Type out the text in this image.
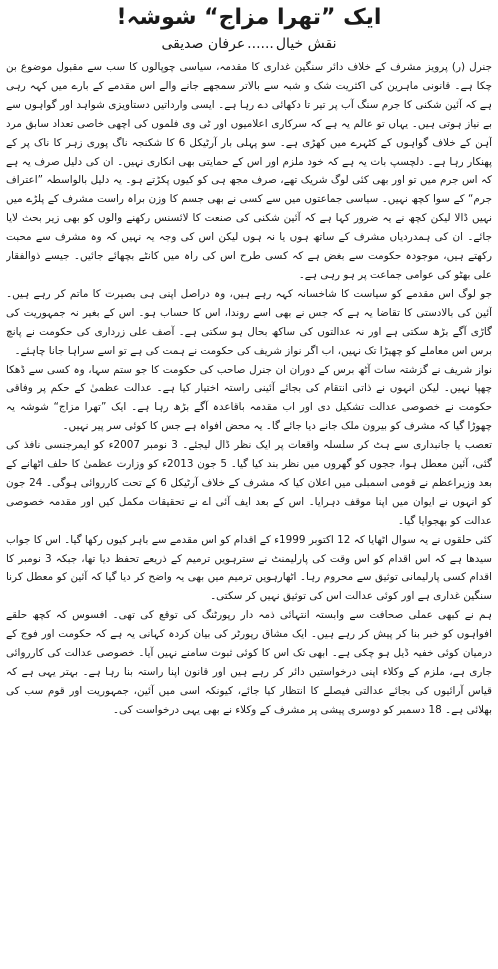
ایک ”تھرا مزاج“ شوشہ!
نقش خیال......عرفان صدیقی

جنرل (ر) پرویز مشرف کے خلاف دائر سنگین غداری کا مقدمہ، سیاسی چوپالوں کا سب سے مقبول موضوع بن چکا ہے۔ قانونی ماہرین کی اکثریت شک و شبہ سے بالاتر سمجھے جانے والے اس مقدمے کے بارے میں کہہ رہی ہے کہ آئین شکنی کا جرم سنگ آب پر تیر تا دکھائی دے رہا ہے۔ ایسی وارداتیں دستاویزی شواہد اور گواہوں سے بے نیاز ہوتی ہیں۔ یہاں تو عالم یہ ہے کہ سرکاری اعلامیوں اور ٹی وی فلموں کی اچھی خاصی تعداد سابق مرد آہن کے خلاف گواہوں کے کٹہرے میں کھڑی ہے۔ سو پہلی بار آرٹیکل 6 کا شکنجہ ناگ پوری زہر کا ناک پر کے پھنکار رہا ہے۔ دلچسپ بات یہ ہے کہ خود ملزم اور اس کے حمایتی بھی انکاری نہیں۔ ان کی دلیل صرف یہ ہے کہ اس جرم میں تو اور بھی کئی لوگ شریک تھے، صرف مجھ ہی کو کیوں پکڑتے ہو۔ یہ دلیل بالواسطہ ”اعتراف جرم“ کے سوا کچھ نہیں۔ سیاسی جماعتوں میں سے کسی نے بھی جسم کا وزن براہ راست مشرف کے پلڑے میں نہیں ڈالا لیکن کچھ نے یہ ضرور کہا ہے کہ آئین شکنی کی صنعت کا لائسنس رکھنے والوں کو بھی زیر بحث لایا جائے۔ ان کی ہمدردیاں مشرف کے ساتھ ہوں یا نہ ہوں لیکن اس کی وجہ یہ نہیں کہ وہ مشرف سے محبت رکھتے ہیں، موجودہ حکومت سے بغض ہے کہ کسی طرح اس کی راہ میں کانٹے بچھائے جائیں۔ جیسے ذوالفقار علی بھٹو کی عوامی جماعت پر ہو رہی ہے۔

جو لوگ اس مقدمے کو سیاست کا شاخسانہ کہہ رہے ہیں، وہ دراصل اپنی ہی بصیرت کا ماتم کر رہے ہیں۔ آئین کی بالادستی کا تقاضا یہ ہے کہ جس نے بھی اسے روندا، اس کا حساب ہو۔ اس کے بغیر نہ جمہوریت کی گاڑی آگے بڑھ سکتی ہے اور نہ عدالتوں کی ساکھ بحال ہو سکتی ہے۔ آصف علی زرداری کی حکومت نے پانچ برس اس معاملے کو چھیڑا تک نہیں، اب اگر نواز شریف کی حکومت نے ہمت کی ہے تو اسے سراہا جانا چاہئے۔

نواز شریف نے گزشتہ سات آٹھ برس کے دوران ان جنرل صاحب کی حکومت کا جو ستم سہا، وہ کسی سے ڈھکا چھپا نہیں۔ لیکن انہوں نے ذاتی انتقام کی بجائے آئینی راستہ اختیار کیا ہے۔ عدالت عظمیٰ کے حکم پر وفاقی حکومت نے خصوصی عدالت تشکیل دی اور اب مقدمہ باقاعدہ آگے بڑھ رہا ہے۔ ایک ”تھرا مزاج“ شوشہ یہ چھوڑا گیا کہ مشرف کو بیرون ملک جانے دیا جائے گا۔ یہ محض افواہ ہے جس کا کوئی سر پیر نہیں۔

تعصب یا جانبداری سے ہٹ کر سلسلہ واقعات پر ایک نظر ڈال لیجئے۔ 3 نومبر 2007ء کو ایمرجنسی نافذ کی گئی، آئین معطل ہوا، ججوں کو گھروں میں نظر بند کیا گیا۔ 5 جون 2013ء کو وزارت عظمیٰ کا حلف اٹھانے کے بعد وزیراعظم نے قومی اسمبلی میں اعلان کیا کہ مشرف کے خلاف آرٹیکل 6 کے تحت کارروائی ہوگی۔ 24 جون کو انہوں نے ایوان میں اپنا موقف دہرایا۔ اس کے بعد ایف آئی اے نے تحقیقات مکمل کیں اور مقدمہ خصوصی عدالت کو بھجوایا گیا۔

کئی حلقوں نے یہ سوال اٹھایا کہ 12 اکتوبر 1999ء کے اقدام کو اس مقدمے سے باہر کیوں رکھا گیا۔ اس کا جواب سیدھا ہے کہ اس اقدام کو اس وقت کی پارلیمنٹ نے سترہویں ترمیم کے ذریعے تحفظ دیا تھا، جبکہ 3 نومبر کا اقدام کسی پارلیمانی توثیق سے محروم رہا۔ اٹھارہویں ترمیم میں بھی یہ واضح کر دیا گیا کہ آئین کو معطل کرنا سنگین غداری ہے اور کوئی عدالت اس کی توثیق نہیں کر سکتی۔

ہم نے کبھی عملی صحافت سے وابستہ انتہائی ذمہ دار رپورٹنگ کی توقع کی تھی۔ افسوس کہ کچھ حلقے افواہوں کو خبر بنا کر پیش کر رہے ہیں۔ ایک مشاق رپورٹر کی بیان کردہ کہانی یہ ہے کہ حکومت اور فوج کے درمیان کوئی خفیہ ڈیل ہو چکی ہے۔ ابھی تک اس کا کوئی ثبوت سامنے نہیں آیا۔ خصوصی عدالت کی کارروائی جاری ہے، ملزم کے وکلاء اپنی درخواستیں دائر کر رہے ہیں اور قانون اپنا راستہ بنا رہا ہے۔ بہتر یہی ہے کہ قیاس آرائیوں کی بجائے عدالتی فیصلے کا انتظار کیا جائے، کیونکہ اسی میں آئین، جمہوریت اور قوم سب کی بھلائی ہے۔ 18 دسمبر کو دوسری پیشی پر مشرف کے وکلاء نے بھی یہی درخواست کی۔
